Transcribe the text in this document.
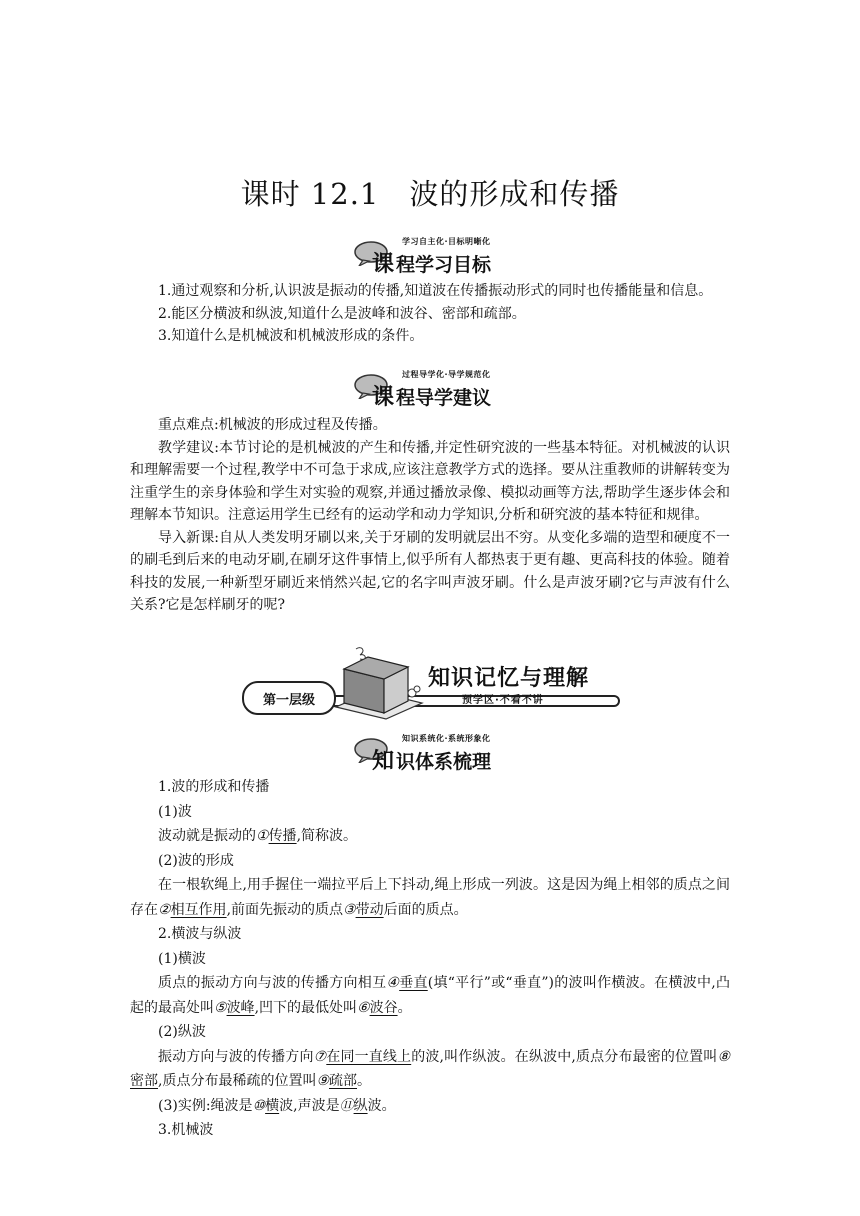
课时 12.1 波的形成和传播
学习自主化·目标明晰化
课 程学习目标

1.通过观察和分析,认识波是振动的传播,知道波在传播振动形式的同时也传播能量和信息。

2.能区分横波和纵波,知道什么是波峰和波谷、密部和疏部。

3.知道什么是机械波和机械波形成的条件。

过程导学化·导学规范化
课 程导学建议

重点难点:机械波的形成过程及传播。

教学建议:本节讨论的是机械波的产生和传播,并定性研究波的一些基本特征。对机械波的认识和理解需要一个过程,教学中不可急于求成,应该注意教学方式的选择。要从注重教师的讲解转变为注重学生的亲身体验和学生对实验的观察,并通过播放录像、模拟动画等方法,帮助学生逐步体会和理解本节知识。注意运用学生已经有的运动学和动力学知识,分析和研究波的基本特征和规律。

导入新课:自从人类发明牙刷以来,关于牙刷的发明就层出不穷。从变化多端的造型和硬度不一的刷毛到后来的电动牙刷,在刷牙这件事情上,似乎所有人都热衷于更有趣、更高科技的体验。随着科技的发展,一种新型牙刷近来悄然兴起,它的名字叫声波牙刷。什么是声波牙刷?它与声波有什么关系?它是怎样刷牙的呢?

第一层级
知识记忆与理解
预学区·不看不讲
知识系统化·系统形象化
知 识体系梳理

1.波的形成和传播

(1)波

波动就是振动的①传播,简称波。

(2)波的形成

在一根软绳上,用手握住一端拉平后上下抖动,绳上形成一列波。这是因为绳上相邻的质点之间存在②相互作用,前面先振动的质点③带动后面的质点。

2.横波与纵波

(1)横波

质点的振动方向与波的传播方向相互④垂直(填“平行”或“垂直”)的波叫作横波。在横波中,凸起的最高处叫⑤波峰,凹下的最低处叫⑥波谷。

(2)纵波

振动方向与波的传播方向⑦在同一直线上的波,叫作纵波。在纵波中,质点分布最密的位置叫⑧密部,质点分布最稀疏的位置叫⑨疏部。

(3)实例:绳波是⑩横波,声波是⑪纵波。

3.机械波
